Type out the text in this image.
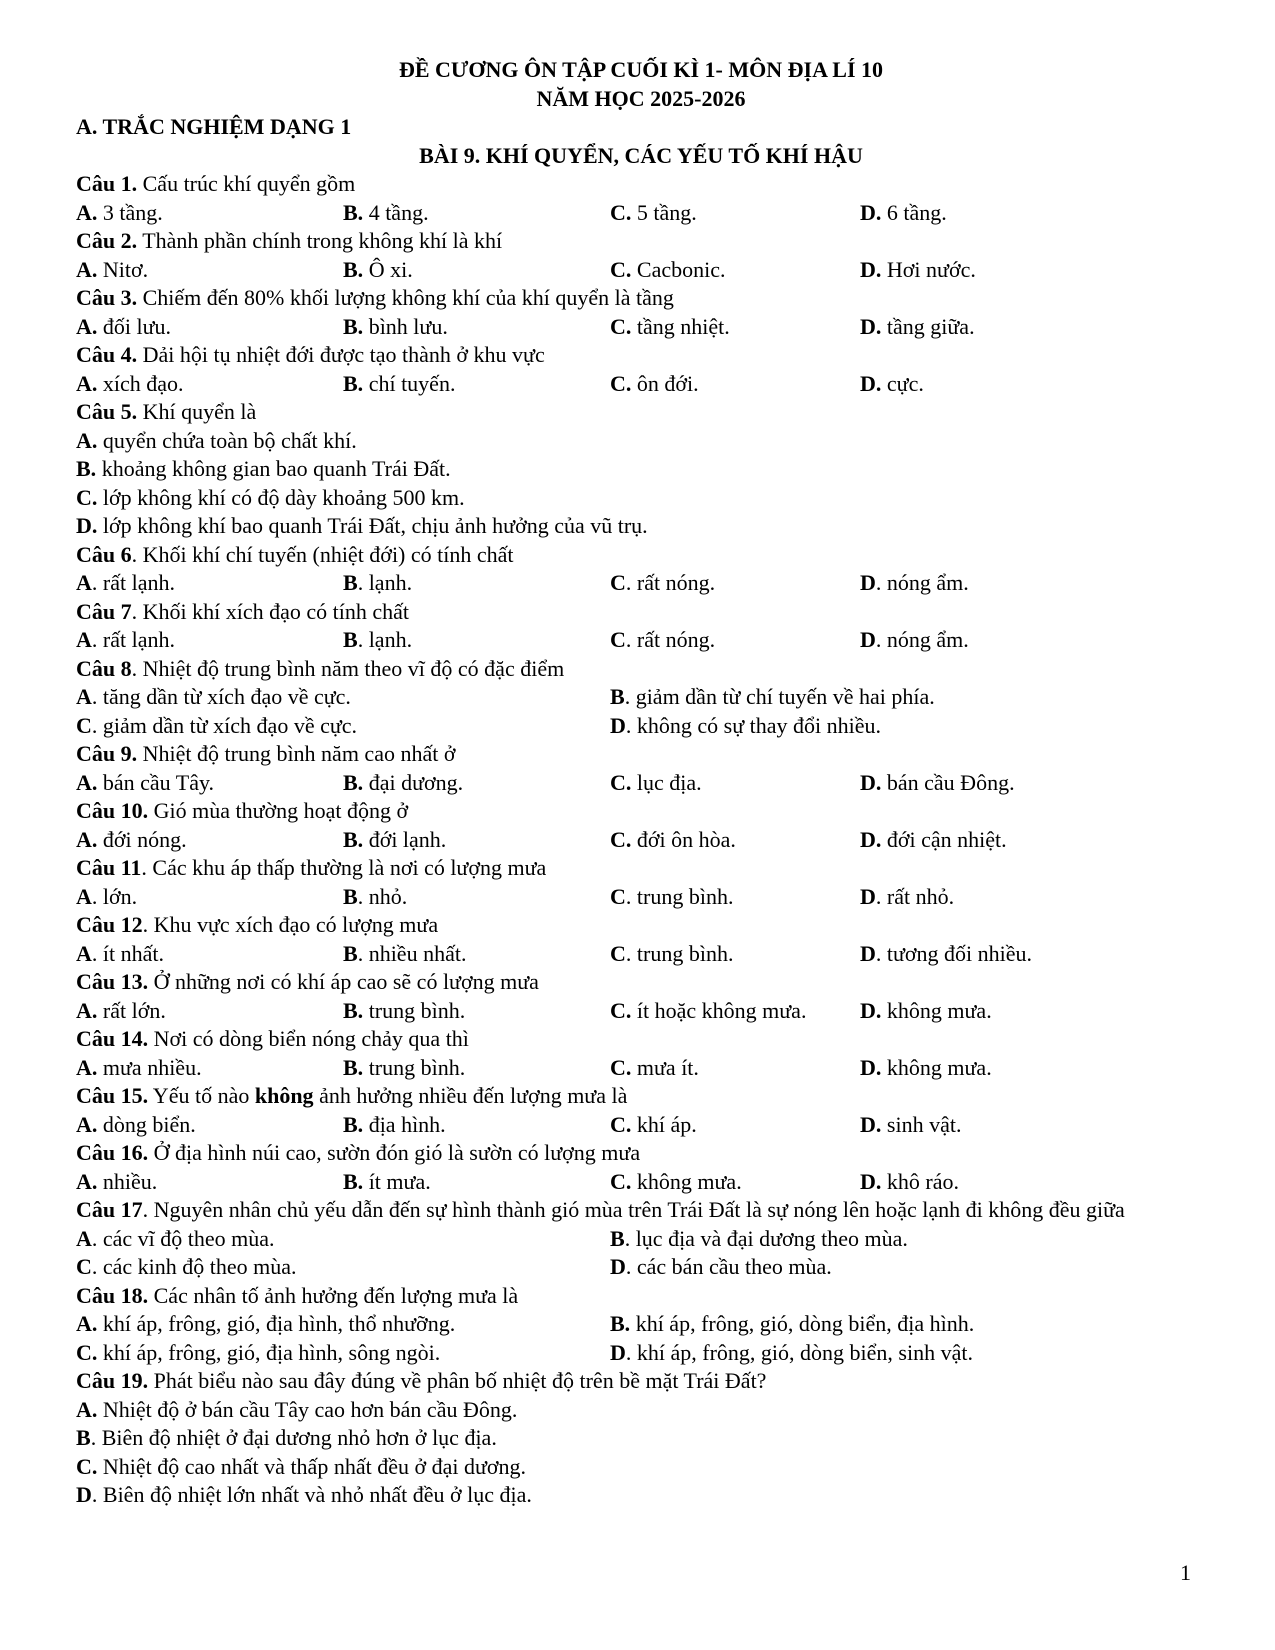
ĐỀ CƯƠNG ÔN TẬP CUỐI KÌ 1- MÔN ĐỊA LÍ 10
NĂM HỌC 2025-2026
A. TRẮC NGHIỆM DẠNG 1
BÀI 9. KHÍ QUYỂN, CÁC YẾU TỐ KHÍ HẬU
Câu 1. Cấu trúc khí quyển gồm
A. 3 tầng.	B. 4 tầng.	C. 5 tầng.	D. 6 tầng.
Câu 2. Thành phần chính trong không khí là khí
A. Nitơ.	B. Ô xi.	C. Cacbonic.	D. Hơi nước.
Câu 3. Chiếm đến 80% khối lượng không khí của khí quyển là tầng
A. đối lưu.	B. bình lưu.	C. tầng nhiệt.	D. tầng giữa.
Câu 4. Dải hội tụ nhiệt đới được tạo thành ở khu vực
A. xích đạo.	B. chí tuyến.	C. ôn đới.	D. cực.
Câu 5. Khí quyển là
A. quyển chứa toàn bộ chất khí.
B. khoảng không gian bao quanh Trái Đất.
C. lớp không khí có độ dày khoảng 500 km.
D. lớp không khí bao quanh Trái Đất, chịu ảnh hưởng của vũ trụ.
Câu 6. Khối khí chí tuyến (nhiệt đới) có tính chất
A. rất lạnh.	B. lạnh.	C. rất nóng.	D. nóng ẩm.
Câu 7. Khối khí xích đạo có tính chất
A. rất lạnh.	B. lạnh.	C. rất nóng.	D. nóng ẩm.
Câu 8. Nhiệt độ trung bình năm theo vĩ độ có đặc điểm
A. tăng dần từ xích đạo về cực.	B. giảm dần từ chí tuyến về hai phía.
C. giảm dần từ xích đạo về cực.	D. không có sự thay đổi nhiều.
Câu 9. Nhiệt độ trung bình năm cao nhất ở
A. bán cầu Tây.	B. đại dương.	C. lục địa.	D. bán cầu Đông.
Câu 10. Gió mùa thường hoạt động ở
A. đới nóng.	B. đới lạnh.	C. đới ôn hòa.	D. đới cận nhiệt.
Câu 11. Các khu áp thấp thường là nơi có lượng mưa
A. lớn.	B. nhỏ.	C. trung bình.	D. rất nhỏ.
Câu 12. Khu vực xích đạo có lượng mưa
A. ít nhất.	B. nhiều nhất.	C. trung bình.	D. tương đối nhiều.
Câu 13. Ở những nơi có khí áp cao sẽ có lượng mưa
A. rất lớn.	B. trung bình.	C. ít hoặc không mưa.	D. không mưa.
Câu 14. Nơi có dòng biển nóng chảy qua thì
A. mưa nhiều.	B. trung bình.	C. mưa ít.	D. không mưa.
Câu 15. Yếu tố nào không ảnh hưởng nhiều đến lượng mưa là
A. dòng biển.	B. địa hình.	C. khí áp.	D. sinh vật.
Câu 16. Ở địa hình núi cao, sườn đón gió là sườn có lượng mưa
A. nhiều.	B. ít mưa.	C. không mưa.	D. khô ráo.
Câu 17. Nguyên nhân chủ yếu dẫn đến sự hình thành gió mùa trên Trái Đất là sự nóng lên hoặc lạnh đi không đều giữa
A. các vĩ độ theo mùa.	B. lục địa và đại dương theo mùa.
C. các kinh độ theo mùa.	D. các bán cầu theo mùa.
Câu 18. Các nhân tố ảnh hưởng đến lượng mưa là
A. khí áp, frông, gió, địa hình, thổ nhưỡng.	B. khí áp, frông, gió, dòng biển, địa hình.
C. khí áp, frông, gió, địa hình, sông ngòi.	D. khí áp, frông, gió, dòng biển, sinh vật.
Câu 19. Phát biểu nào sau đây đúng về phân bố nhiệt độ trên bề mặt Trái Đất?
A. Nhiệt độ ở bán cầu Tây cao hơn bán cầu Đông.
B. Biên độ nhiệt ở đại dương nhỏ hơn ở lục địa.
C. Nhiệt độ cao nhất và thấp nhất đều ở đại dương.
D. Biên độ nhiệt lớn nhất và nhỏ nhất đều ở lục địa.
1
